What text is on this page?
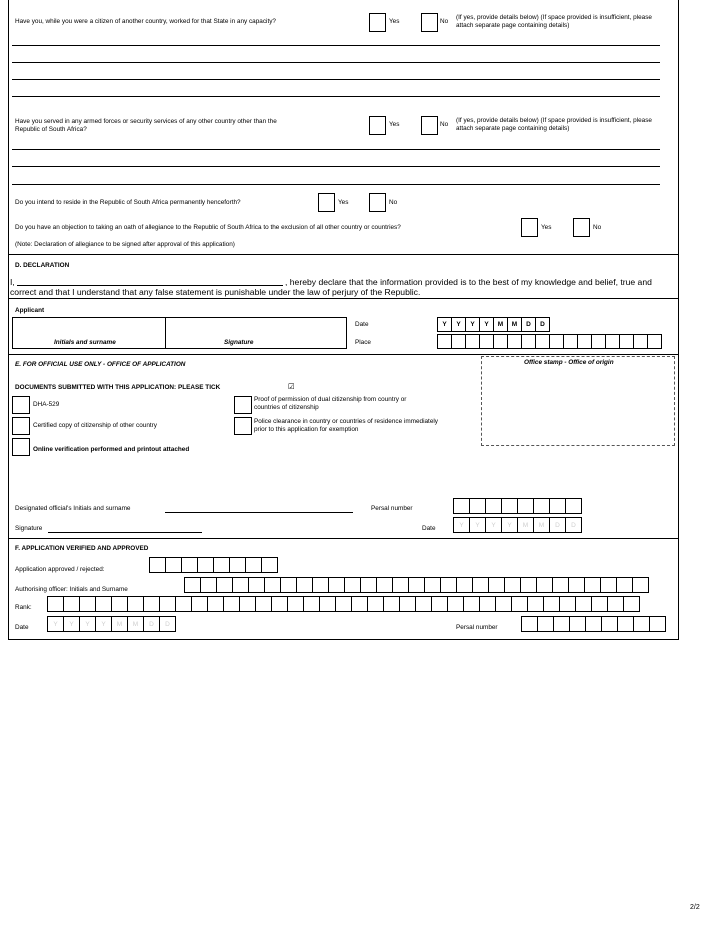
Have you, while you were a citizen of another country, worked for that State in any capacity?	Yes	No
(If yes, provide details below) (If space provided is insufficient, please
attach separate page containing details)
Have you served in any armed forces or security services of any other country other than the
Republic of South Africa?
Yes	No
(If yes, provide details below) (If space provided is insufficient, please
attach separate page containing details)
Do you intend to reside in the Republic of South Africa permanently henceforth?	Yes	No
Do you have an objection to taking an oath of allegiance to the Republic of South Africa to the exclusion of all other country or countries?	Yes	No
(Note: Declaration of allegiance to be signed after approval of this application)
D. DECLARATION
I,	, hereby declare that the information provided is to the best of my knowledge and belief, true and
correct and that I understand that any false statement is punishable under the law of perjury of the Republic.
Applicant
Initials and surname	Signature
Date	Y	Y	Y	Y	M	M	D	D
Place
E. FOR OFFICIAL USE ONLY - OFFICE OF APPLICATION	Office stamp - Office of origin
DOCUMENTS SUBMITTED WITH THIS APPLICATION: PLEASE TICK	☑
DHA-529
Certified copy of citizenship of other country
Online verification performed and printout attached
Proof of permission of dual citizenship from country or
countries of citizenship
Police clearance in country or countries of residence immediately
prior to this application for exemption
Designated official's Initials and surname	Persal number
Signature	Date	Y	Y	Y	Y	M	M	D	D
F. APPLICATION VERIFIED AND APPROVED
Application approved / rejected:
Authorising officer: Initials and Surname
Rank:
Date	Y	Y	Y	Y	M	M	D	D	Persal number
2/2
